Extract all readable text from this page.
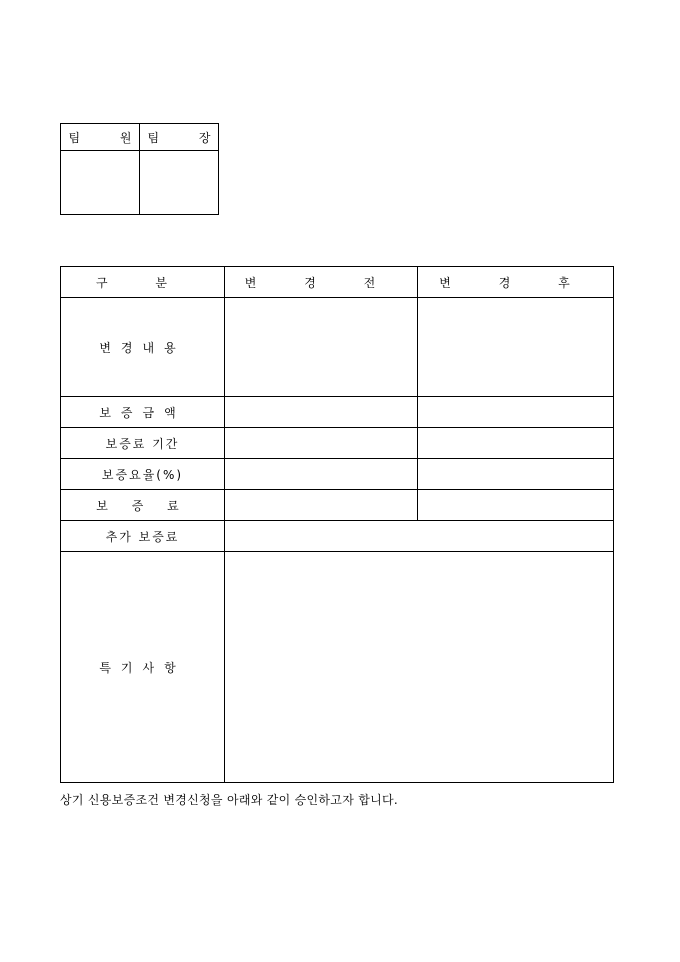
팀 원	팀 장

구 분	변 경 전	변 경 후
변경내용		
보증금액		
보증료 기간		
보증요율(%)		
보 증 료		
추가 보증료		
특기사항		
상기 신용보증조건 변경신청을 아래와 같이 승인하고자 합니다.
